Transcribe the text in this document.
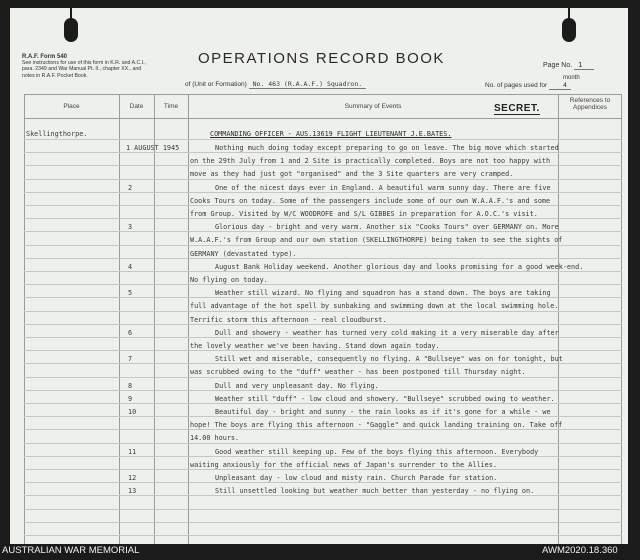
R.A.F. Form 540
See instructions for use of this form in K.R. and A.C.I.,
para. 2349 and War Manual Pt. II., chapter XX., and
notes in R.A.F. Pocket Book.
OPERATIONS RECORD BOOK	Page No. 1
month
of (Unit or Formation) No. 463 (R.A.A.F.) Squadron.	No. of pages used for 4
Place	Date	Time	Summary of Events
References to Appendices
Skellingthorpe.	COMMANDING OFFICER - AUS.13619 FLIGHT LIEUTENANT J.E.BATES.
1 AUGUST 1945	Nothing much doing today except preparing to go on leave. The big move which started
on the 29th July from 1 and 2 Site is practically completed. Boys are not too happy with
move as they had just got "organised" and the 3 Site quarters are very cramped.
2	One of the nicest days ever in England. A beautiful warm sunny day. There are five
Cooks Tours on today. Some of the passengers include some of our own W.A.A.F.'s and some
from Group. Visited by W/C WOODROFE and S/L GIBBES in preparation for A.O.C.'s visit.
3	Glorious day - bright and very warm. Another six "Cooks Tours" over GERMANY on. More
W.A.A.F.'s from Group and our own station (SKELLINGTHORPE) being taken to see the sights of
GERMANY (devastated type).
4	August Bank Holiday weekend. Another glorious day and looks promising for a good week-end.
No flying on today.
5	Weather still wizard. No flying and squadron has a stand down. The boys are taking
full advantage of the hot spell by sunbaking and swimming down at the local swimming hole.
Terrific storm this afternoon - real cloudburst.
6	Dull and showery - weather has turned very cold making it a very miserable day after
the lovely weather we've been having. Stand down again today.
7	Still wet and miserable, consequently no flying. A "Bullseye" was on for tonight, but
was scrubbed owing to the "duff" weather - has been postponed till Thursday night.
8	Dull and very unpleasant day. No flying.
9	Weather still "duff" - low cloud and showery. "Bullseye" scrubbed owing to weather.
10	Beautiful day - bright and sunny - the rain looks as if it's gone for a while - we
hope! The boys are flying this afternoon - "Gaggle" and quick landing training on. Take off
14.00 hours.
11	Good weather still keeping up. Few of the boys flying this afternoon. Everybody
waiting anxiously for the official news of Japan's surrender to the Allies.
12	Unpleasant day - low cloud and misty rain. Church Parade for station.
13	Still unsettled looking but weather much better than yesterday - no flying on.
SECRET.
AUSTRALIAN WAR MEMORIAL	AWM2020.18.360
